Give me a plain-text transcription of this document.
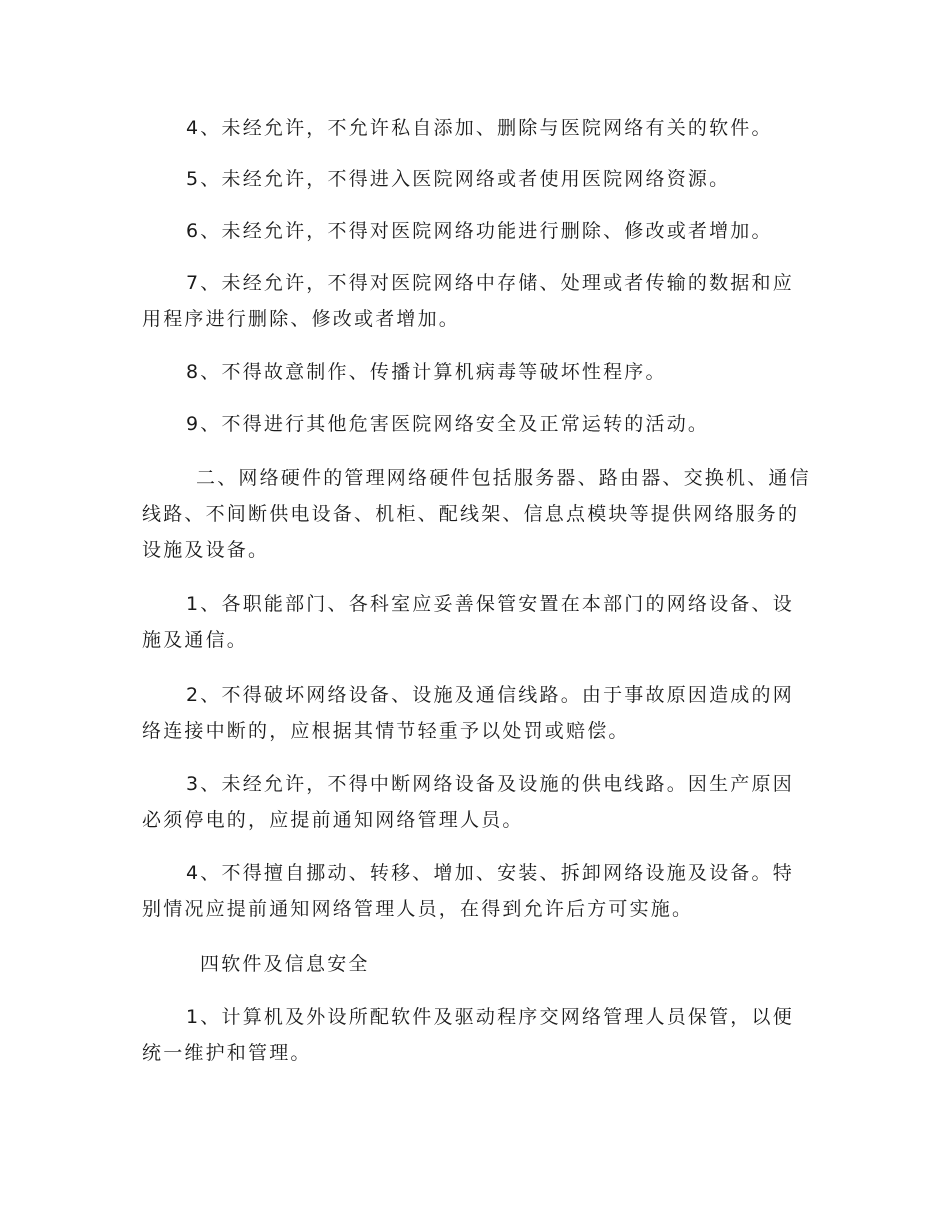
4、未经允许，不允许私自添加、删除与医院网络有关的软件。

5、未经允许，不得进入医院网络或者使用医院网络资源。

6、未经允许，不得对医院网络功能进行删除、修改或者增加。

7、未经允许，不得对医院网络中存储、处理或者传输的数据和应用程序进行删除、修改或者增加。

8、不得故意制作、传播计算机病毒等破坏性程序。

9、不得进行其他危害医院网络安全及正常运转的活动。

二、网络硬件的管理网络硬件包括服务器、路由器、交换机、通信线路、不间断供电设备、机柜、配线架、信息点模块等提供网络服务的设施及设备。

1、各职能部门、各科室应妥善保管安置在本部门的网络设备、设施及通信。

2、不得破坏网络设备、设施及通信线路。由于事故原因造成的网络连接中断的，应根据其情节轻重予以处罚或赔偿。

3、未经允许，不得中断网络设备及设施的供电线路。因生产原因必须停电的，应提前通知网络管理人员。

4、不得擅自挪动、转移、增加、安装、拆卸网络设施及设备。特别情况应提前通知网络管理人员，在得到允许后方可实施。

四软件及信息安全

1、计算机及外设所配软件及驱动程序交网络管理人员保管，以便统一维护和管理。
